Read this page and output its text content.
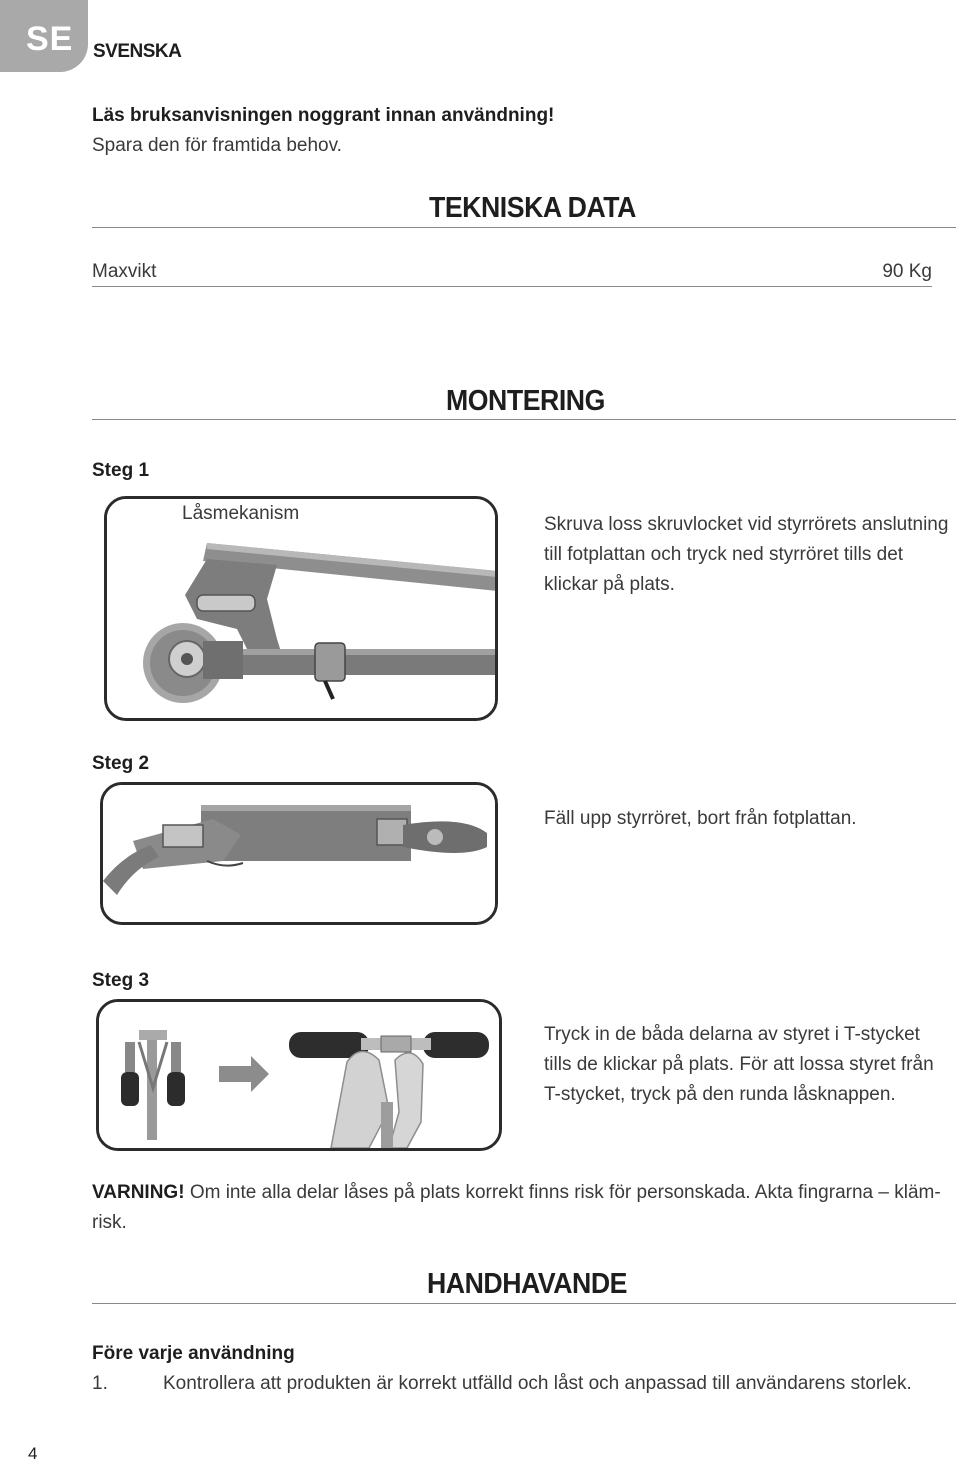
SE	SVENSKA
Läs bruksanvisningen noggrant innan användning!
Spara den för framtida behov.
TEKNISKA DATA
Maxvikt	90 Kg
MONTERING
Steg 1
Låsmekanism
Skruva loss skruvlocket vid styrrörets anslutning
till fotplattan och tryck ned styrröret tills det
klickar på plats.
Steg 2
Fäll upp styrröret, bort från fotplattan.
Steg 3
Tryck in de båda delarna av styret i T-stycket
tills de klickar på plats. För att lossa styret från
T-stycket, tryck på den runda låsknappen.
VARNING! Om inte alla delar låses på plats korrekt finns risk för personskada. Akta fingrarna – kläm-
risk.
HANDHAVANDE
Före varje användning
1.	Kontrollera att produkten är korrekt utfälld och låst och anpassad till användarens storlek.
4
